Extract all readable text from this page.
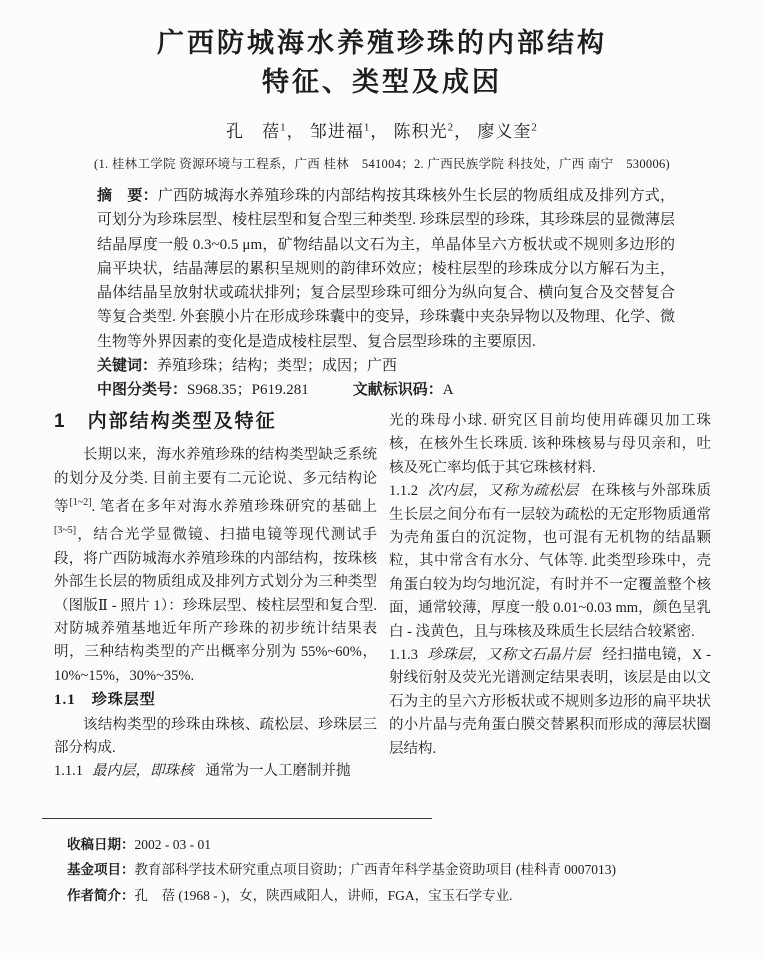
广西防城海水养殖珍珠的内部结构
特征、类型及成因
孔　蓓$^1$， 邹进福$^1$， 陈积光$^2$， 廖义奎$^2$
(1. 桂林工学院 资源环境与工程系，广西 桂林　541004；2. 广西民族学院 科技处，广西 南宁　530006)

摘　要：广西防城海水养殖珍珠的内部结构按其珠核外生长层的物质组成及排列方式，可划分为珍珠层型、棱柱层型和复合型三种类型. 珍珠层型的珍珠，其珍珠层的显微薄层结晶厚度一般 0.3~0.5 μm，矿物结晶以文石为主，单晶体呈六方板状或不规则多边形的扁平块状，结晶薄层的累积呈规则的韵律环效应；棱柱层型的珍珠成分以方解石为主，晶体结晶呈放射状或疏状排列；复合层型珍珠可细分为纵向复合、横向复合及交替复合等复合类型. 外套膜小片在形成珍珠囊中的变异，珍珠囊中夹杂异物以及物理、化学、微生物等外界因素的变化是造成棱柱层型、复合层型珍珠的主要原因.

关键词：养殖珍珠；结构；类型；成因；广西

中图分类号：S968.35；P619.281	文献标识码：A

1　内部结构类型及特征

长期以来，海水养殖珍珠的结构类型缺乏系统的划分及分类. 目前主要有二元论说、多元结构论等[1~2]. 笔者在多年对海水养殖珍珠研究的基础上[3~5]，结合光学显微镜、扫描电镜等现代测试手段，将广西防城海水养殖珍珠的内部结构，按珠核外部生长层的物质组成及排列方式划分为三种类型（图版Ⅱ - 照片 1）：珍珠层型、棱柱层型和复合型. 对防城养殖基地近年所产珍珠的初步统计结果表明，三种结构类型的产出概率分别为 55%~60%，10%~15%，30%~35%.

1.1　珍珠层型

该结构类型的珍珠由珠核、疏松层、珍珠层三部分构成.

1.1.1 最内层，即珠核 通常为一人工磨制并抛

光的珠母小球. 研究区目前均使用砗磲贝加工珠核，在核外生长珠质. 该种珠核易与母贝亲和，吐核及死亡率均低于其它珠核材料.

1.1.2 次内层，又称为疏松层 在珠核与外部珠质生长层之间分布有一层较为疏松的无定形物质通常为壳角蛋白的沉淀物，也可混有无机物的结晶颗粒，其中常含有水分、气体等. 此类型珍珠中，壳角蛋白较为均匀地沉淀，有时并不一定覆盖整个核面，通常较薄，厚度一般 0.01~0.03 mm，颜色呈乳白 - 浅黄色，且与珠核及珠质生长层结合较紧密.

1.1.3 珍珠层，又称文石晶片层 经扫描电镜，X - 射线衍射及荧光光谱测定结果表明，该层是由以文石为主的呈六方形板状或不规则多边形的扁平块状的小片晶与壳角蛋白膜交替累积而形成的薄层状圈层结构.

收稿日期：2002 - 03 - 01

基金项目：教育部科学技术研究重点项目资助；广西青年科学基金资助项目 (桂科青 0007013)

作者简介：孔　蓓 (1968 - )，女，陕西咸阳人，讲师，FGA，宝玉石学专业.
